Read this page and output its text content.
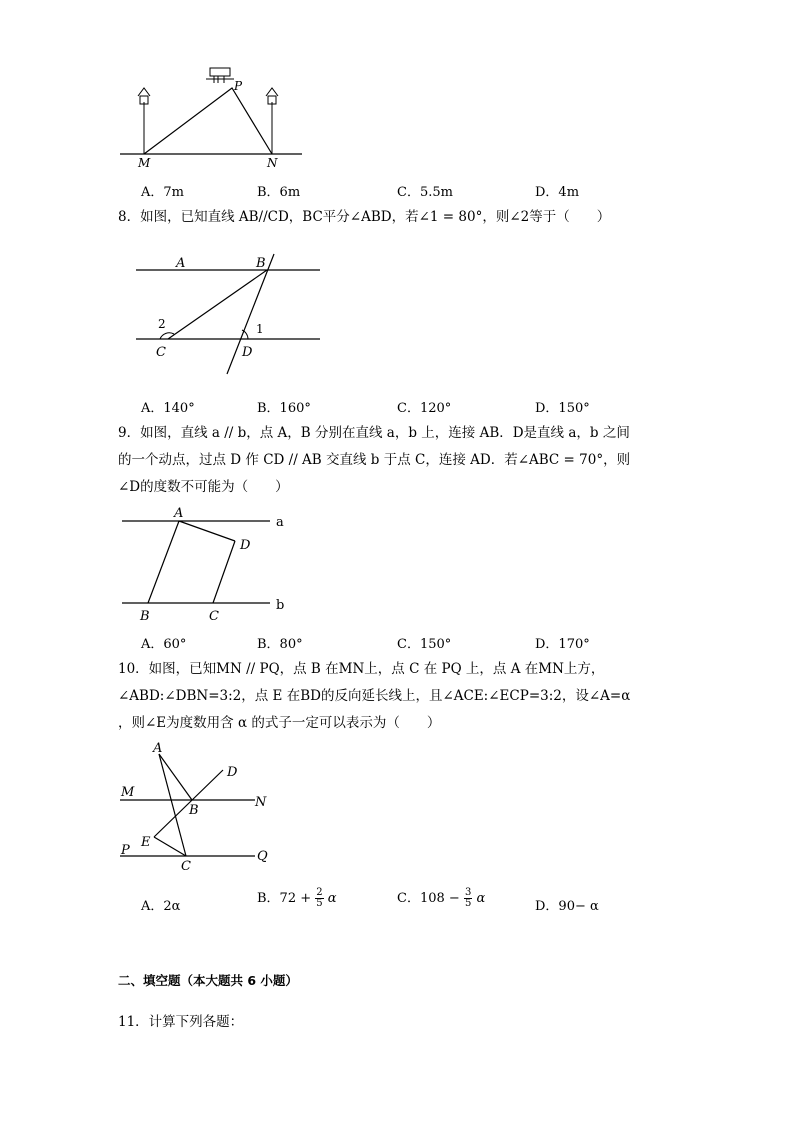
P
M	N
A．7m	B．6m	C．5.5m	D．4m
8．如图，已知直线 AB//CD，BC平分∠ABD，若∠1 = 80°，则∠2等于（　　）
A	B
2	1
C	D
A．140°	B．160°	C．120°	D．150°
9．如图，直线 a // b，点 A，B 分别在直线 a，b 上，连接 AB．D是直线 a，b 之间
的一个动点，过点 D 作 CD // AB 交直线 b 于点 C，连接 AD．若∠ABC = 70°，则
∠D的度数不可能为（　　）
A
D
a
b
B	C
A．60°	B．80°	C．150°	D．170°
10．如图，已知MN // PQ，点 B 在MN上，点 C 在 PQ 上，点 A 在MN上方，
∠ABD:∠DBN=3:2，点 E 在BD的反向延长线上，且∠ACE:∠ECP=3:2，设∠A=α
，则∠E为度数用含 α 的式子一定可以表示为（　　）
A
D
M
N
B
E
P	Q
C
A．2α
B．$72 + \frac{2}{5}$ α	C．$108 - \frac{3}{5}$ α
D．90− α
二、填空题（本大题共 6 小题）
11．计算下列各题：
